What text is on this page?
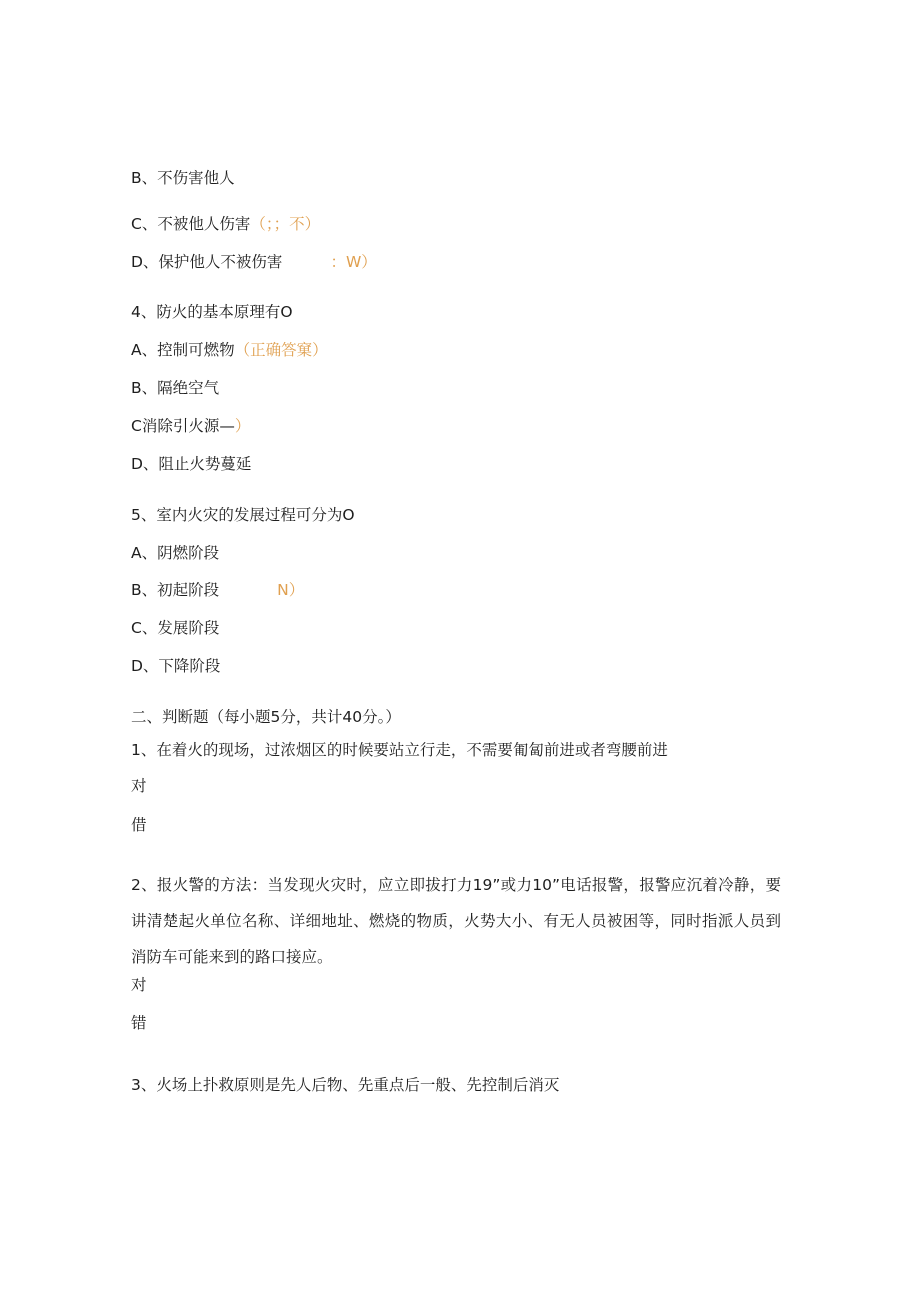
B、不伤害他人
C、不被他人伤害（；；不）
D、保护他人不被伤害	：W）
4、防火的基本原理有O
A、控制可燃物（正确答窠）
B、隔绝空气
C消除引火源—）
D、阻止火势蔓延
5、室内火灾的发展过程可分为O
A、阴燃阶段
B、初起阶段	N）
C、发展阶段
D、下降阶段
二、判断题（每小题5分，共计40分。）
1、在着火的现场，过浓烟区的时候要站立行走，不需要匍匐前进或者弯腰前进
对
借
2、报火警的方法：当发现火灾时，应立即拔打力19”或力10”电话报警，报警应沉着冷静，要讲清楚起火单位名称、详细地址、燃烧的物质，火势大小、有无人员被困等，同时指派人员到消防车可能来到的路口接应。
对
错
3、火场上扑救原则是先人后物、先重点后一般、先控制后消灭
